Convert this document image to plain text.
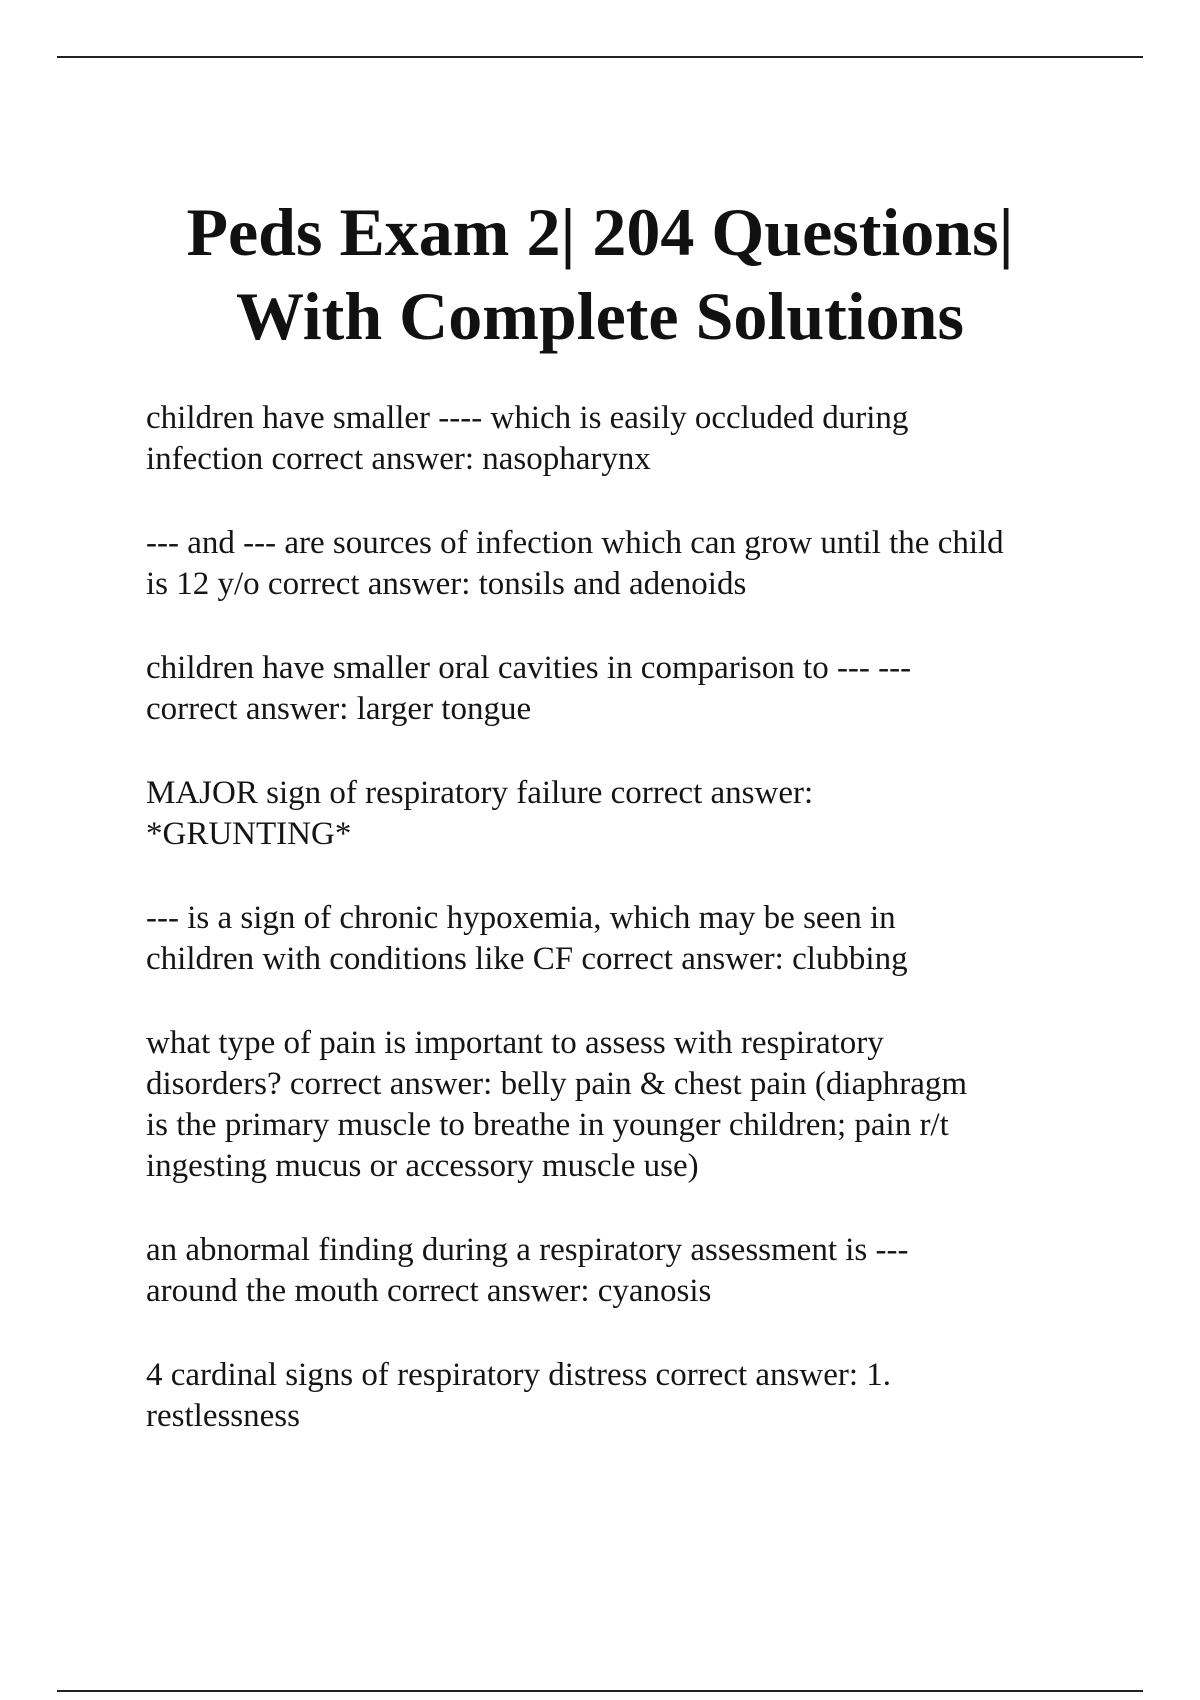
Peds Exam 2| 204 Questions|
With Complete Solutions
children have smaller ---- which is easily occluded during
infection correct answer: nasopharynx
--- and --- are sources of infection which can grow until the child
is 12 y/o correct answer: tonsils and adenoids
children have smaller oral cavities in comparison to --- ---
correct answer: larger tongue
MAJOR sign of respiratory failure correct answer:
*GRUNTING*
--- is a sign of chronic hypoxemia, which may be seen in
children with conditions like CF correct answer: clubbing
what type of pain is important to assess with respiratory
disorders? correct answer: belly pain & chest pain (diaphragm
is the primary muscle to breathe in younger children; pain r/t
ingesting mucus or accessory muscle use)
an abnormal finding during a respiratory assessment is ---
around the mouth correct answer: cyanosis
4 cardinal signs of respiratory distress correct answer: 1.
restlessness
